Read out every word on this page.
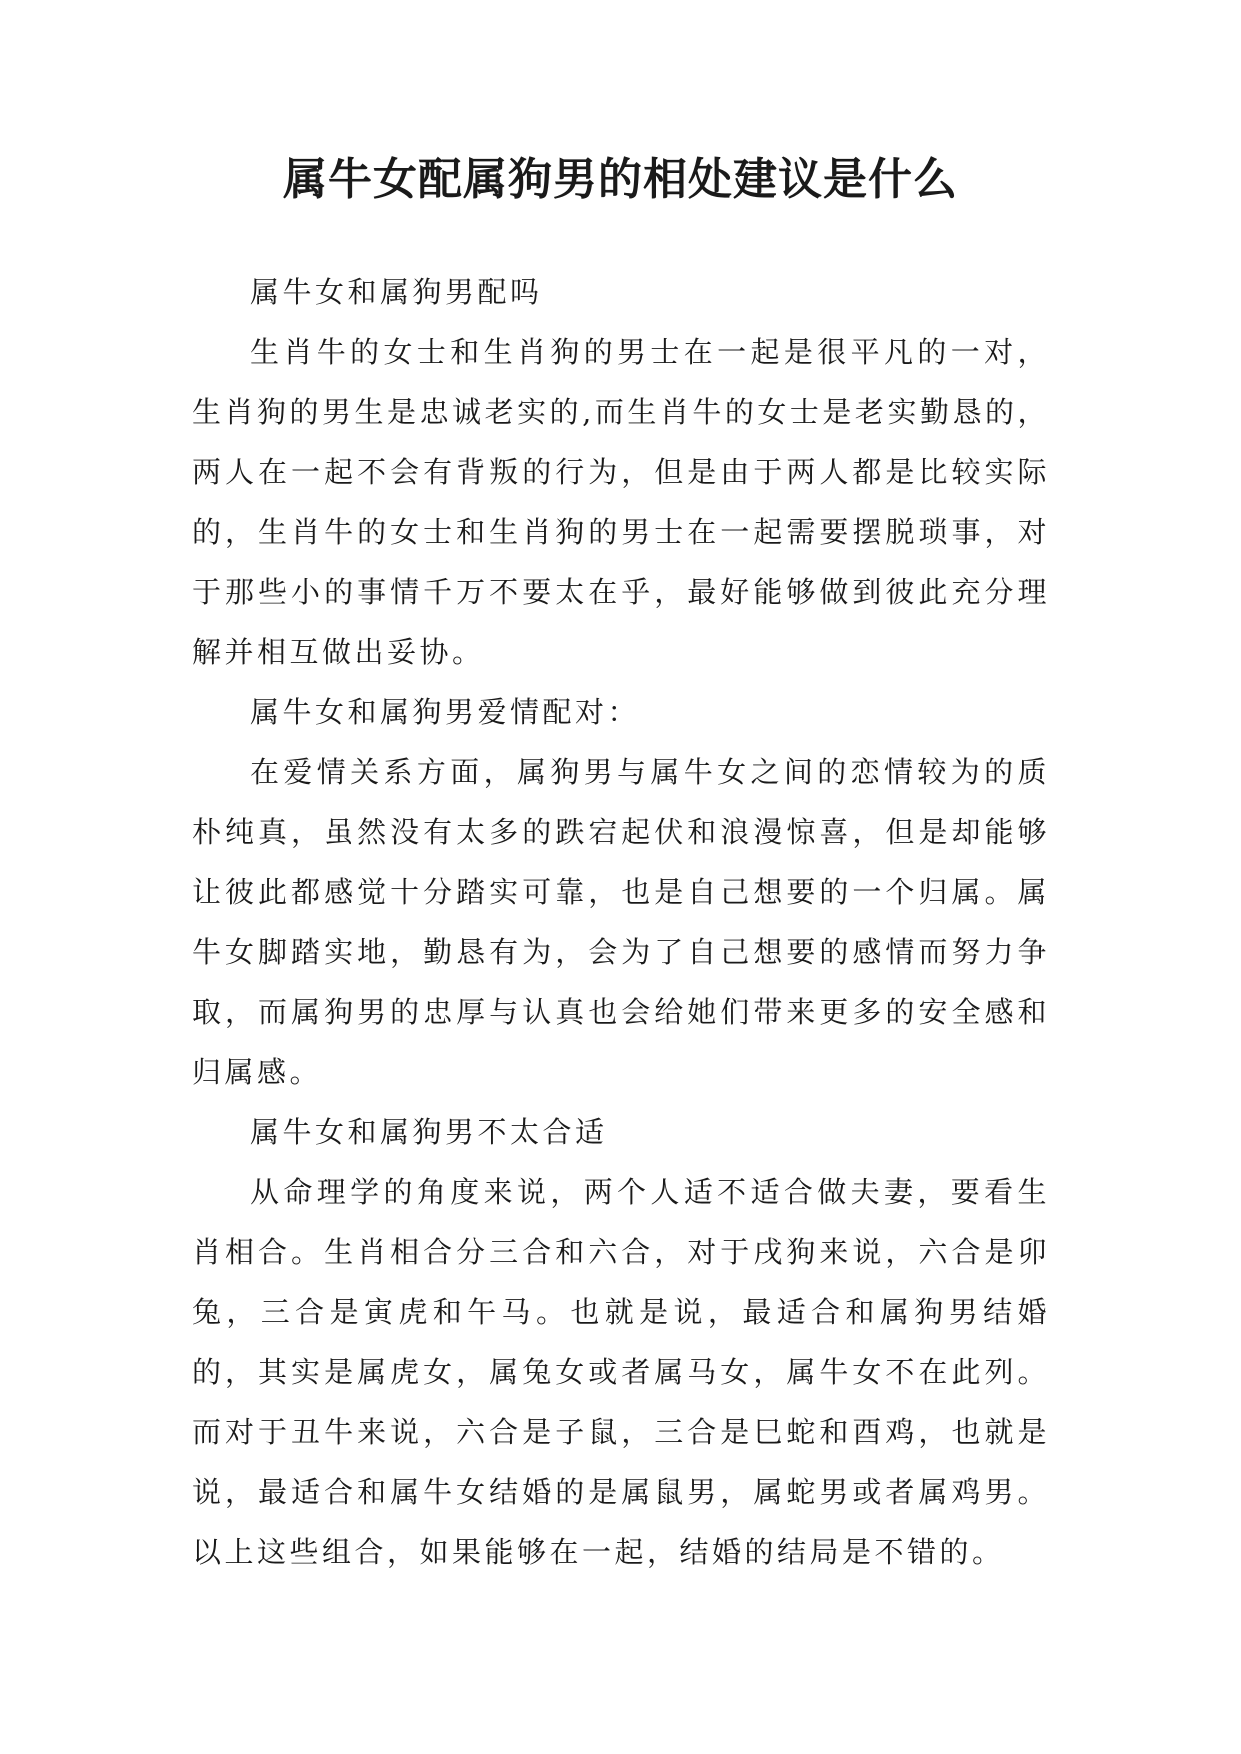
属牛女配属狗男的相处建议是什么

属牛女和属狗男配吗

生肖牛的女士和生肖狗的男士在一起是很平凡的一对，生肖狗的男生是忠诚老实的,而生肖牛的女士是老实勤恳的，两人在一起不会有背叛的行为，但是由于两人都是比较实际的，生肖牛的女士和生肖狗的男士在一起需要摆脱琐事，对于那些小的事情千万不要太在乎，最好能够做到彼此充分理解并相互做出妥协。

属牛女和属狗男爱情配对：

在爱情关系方面，属狗男与属牛女之间的恋情较为的质朴纯真，虽然没有太多的跌宕起伏和浪漫惊喜，但是却能够让彼此都感觉十分踏实可靠，也是自己想要的一个归属。属牛女脚踏实地，勤恳有为，会为了自己想要的感情而努力争取，而属狗男的忠厚与认真也会给她们带来更多的安全感和归属感。

属牛女和属狗男不太合适

从命理学的角度来说，两个人适不适合做夫妻，要看生肖相合。生肖相合分三合和六合，对于戌狗来说，六合是卯兔，三合是寅虎和午马。也就是说，最适合和属狗男结婚的，其实是属虎女，属兔女或者属马女，属牛女不在此列。而对于丑牛来说，六合是子鼠，三合是巳蛇和酉鸡，也就是说，最适合和属牛女结婚的是属鼠男，属蛇男或者属鸡男。以上这些组合，如果能够在一起，结婚的结局是不错的。
